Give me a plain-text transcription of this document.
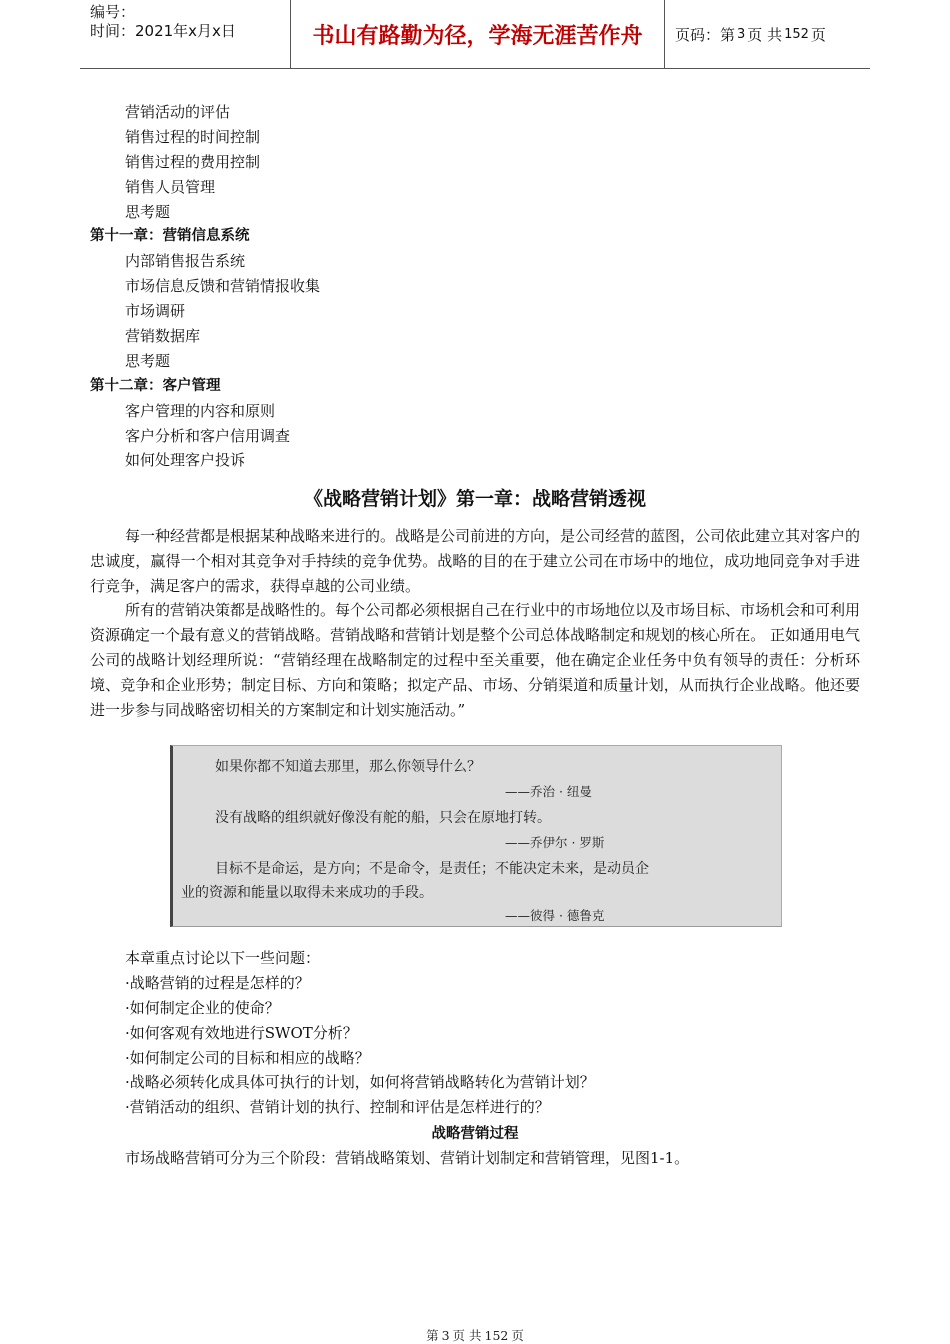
编号：
时间：2021年x月x日	书山有路勤为径，学海无涯苦作舟	页码：第 3 页 共 152 页
营销活动的评估
销售过程的时间控制
销售过程的费用控制
销售人员管理
思考题
第十一章：营销信息系统
内部销售报告系统
市场信息反馈和营销情报收集
市场调研
营销数据库
思考题
第十二章：客户管理
客户管理的内容和原则
客户分析和客户信用调查
如何处理客户投诉
《战略营销计划》第一章：战略营销透视

每一种经营都是根据某种战略来进行的。战略是公司前进的方向，是公司经营的蓝图，公司依此建立其对客户的忠诚度，赢得一个相对其竞争对手持续的竞争优势。战略的目的在于建立公司在市场中的地位，成功地同竞争对手进行竞争，满足客户的需求，获得卓越的公司业绩。

所有的营销决策都是战略性的。每个公司都必须根据自己在行业中的市场地位以及市场目标、市场机会和可利用资源确定一个最有意义的营销战略。营销战略和营销计划是整个公司总体战略制定和规划的核心所在。 正如通用电气公司的战略计划经理所说：“营销经理在战略制定的过程中至关重要，他在确定企业任务中负有领导的责任：分析环境、竞争和企业形势；制定目标、方向和策略；拟定产品、市场、分销渠道和质量计划，从而执行企业战略。他还要进一步参与同战略密切相关的方案制定和计划实施活动。”

如果你都不知道去那里，那么你领导什么？
——乔治 · 纽曼
没有战略的组织就好像没有舵的船，只会在原地打转。
——乔伊尔 · 罗斯
目标不是命运，是方向；不是命令，是责任；不能决定未来，是动员企
业的资源和能量以取得未来成功的手段。
——彼得 · 德鲁克
本章重点讨论以下一些问题：
·战略营销的过程是怎样的？
·如何制定企业的使命？
·如何客观有效地进行SWOT分析？
·如何制定公司的目标和相应的战略？
·战略必须转化成具体可执行的计划，如何将营销战略转化为营销计划？
·营销活动的组织、营销计划的执行、控制和评估是怎样进行的？
战略营销过程
市场战略营销可分为三个阶段：营销战略策划、营销计划制定和营销管理，见图1-1。
第 3 页 共 152 页
